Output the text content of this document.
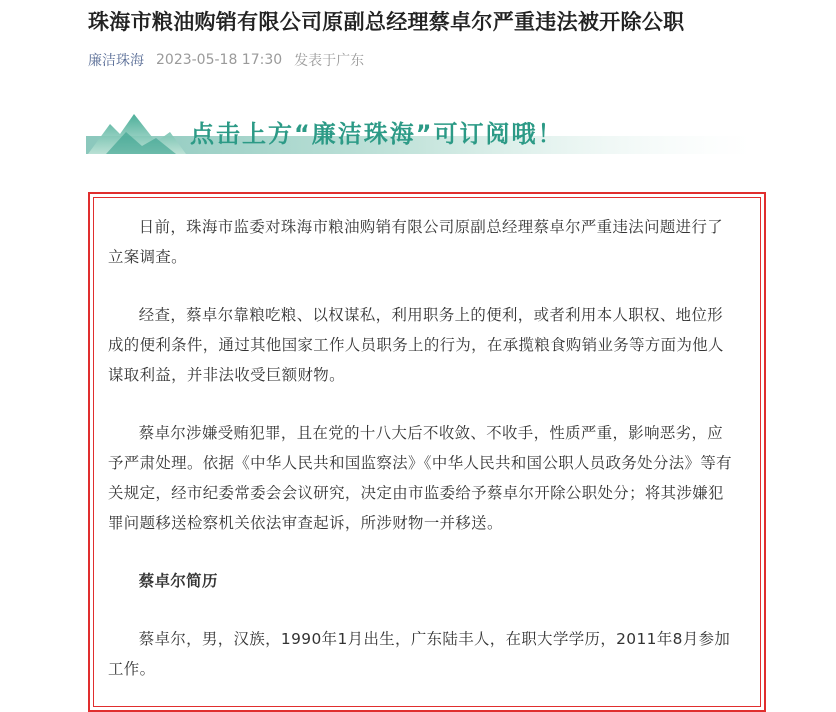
珠海市粮油购销有限公司原副总经理蔡卓尔严重违法被开除公职
廉洁珠海 2023-05-18 17:30 发表于广东
点击上方“廉洁珠海”可订阅哦！

日前，珠海市监委对珠海市粮油购销有限公司原副总经理蔡卓尔严重违法问题进行了立案调查。

经查，蔡卓尔靠粮吃粮、以权谋私，利用职务上的便利，或者利用本人职权、地位形成的便利条件，通过其他国家工作人员职务上的行为，在承揽粮食购销业务等方面为他人谋取利益，并非法收受巨额财物。

蔡卓尔涉嫌受贿犯罪，且在党的十八大后不收敛、不收手，性质严重，影响恶劣，应予严肃处理。依据《中华人民共和国监察法》《中华人民共和国公职人员政务处分法》等有关规定，经市纪委常委会会议研究，决定由市监委给予蔡卓尔开除公职处分；将其涉嫌犯罪问题移送检察机关依法审查起诉，所涉财物一并移送。

蔡卓尔简历

蔡卓尔，男，汉族，1990年1月出生，广东陆丰人，在职大学学历，2011年8月参加工作。
